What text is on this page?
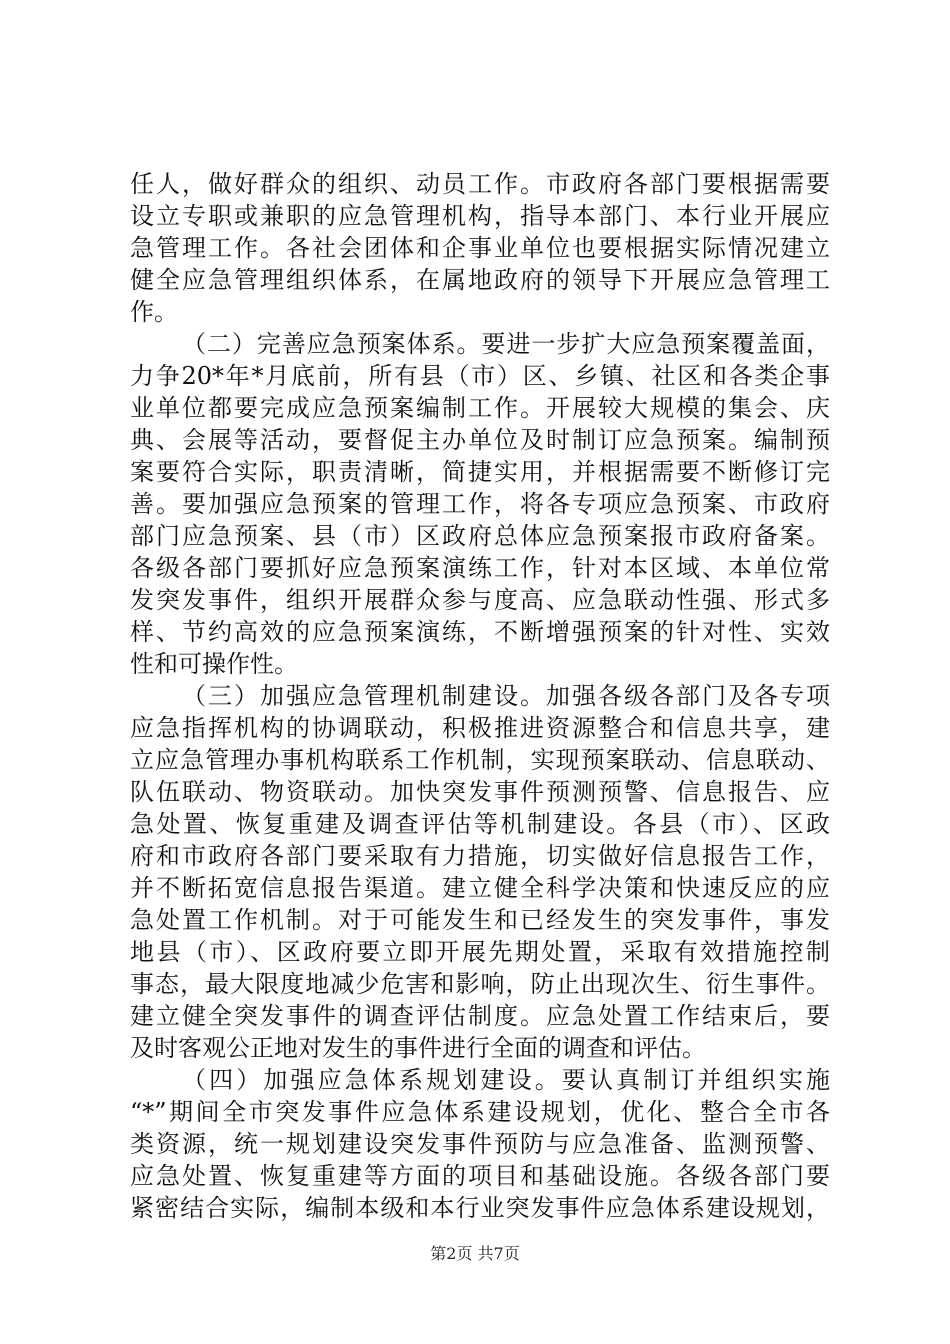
任人，做好群众的组织、动员工作。市政府各部门要根据需要
设立专职或兼职的应急管理机构，指导本部门、本行业开展应
急管理工作。各社会团体和企事业单位也要根据实际情况建立
健全应急管理组织体系，在属地政府的领导下开展应急管理工
作。
（二）完善应急预案体系。要进一步扩大应急预案覆盖面，
力争20*年*月底前，所有县（市）区、乡镇、社区和各类企事
业单位都要完成应急预案编制工作。开展较大规模的集会、庆
典、会展等活动，要督促主办单位及时制订应急预案。编制预
案要符合实际，职责清晰，简捷实用，并根据需要不断修订完
善。要加强应急预案的管理工作，将各专项应急预案、市政府
部门应急预案、县（市）区政府总体应急预案报市政府备案。
各级各部门要抓好应急预案演练工作，针对本区域、本单位常
发突发事件，组织开展群众参与度高、应急联动性强、形式多
样、节约高效的应急预案演练，不断增强预案的针对性、实效
性和可操作性。
（三）加强应急管理机制建设。加强各级各部门及各专项
应急指挥机构的协调联动，积极推进资源整合和信息共享，建
立应急管理办事机构联系工作机制，实现预案联动、信息联动、
队伍联动、物资联动。加快突发事件预测预警、信息报告、应
急处置、恢复重建及调查评估等机制建设。各县（市）、区政
府和市政府各部门要采取有力措施，切实做好信息报告工作，
并不断拓宽信息报告渠道。建立健全科学决策和快速反应的应
急处置工作机制。对于可能发生和已经发生的突发事件，事发
地县（市）、区政府要立即开展先期处置，采取有效措施控制
事态，最大限度地减少危害和影响，防止出现次生、衍生事件。
建立健全突发事件的调查评估制度。应急处置工作结束后，要
及时客观公正地对发生的事件进行全面的调查和评估。
（四）加强应急体系规划建设。要认真制订并组织实施
“*”期间全市突发事件应急体系建设规划，优化、整合全市各
类资源，统一规划建设突发事件预防与应急准备、监测预警、
应急处置、恢复重建等方面的项目和基础设施。各级各部门要
紧密结合实际，编制本级和本行业突发事件应急体系建设规划，
第2页 共7页
